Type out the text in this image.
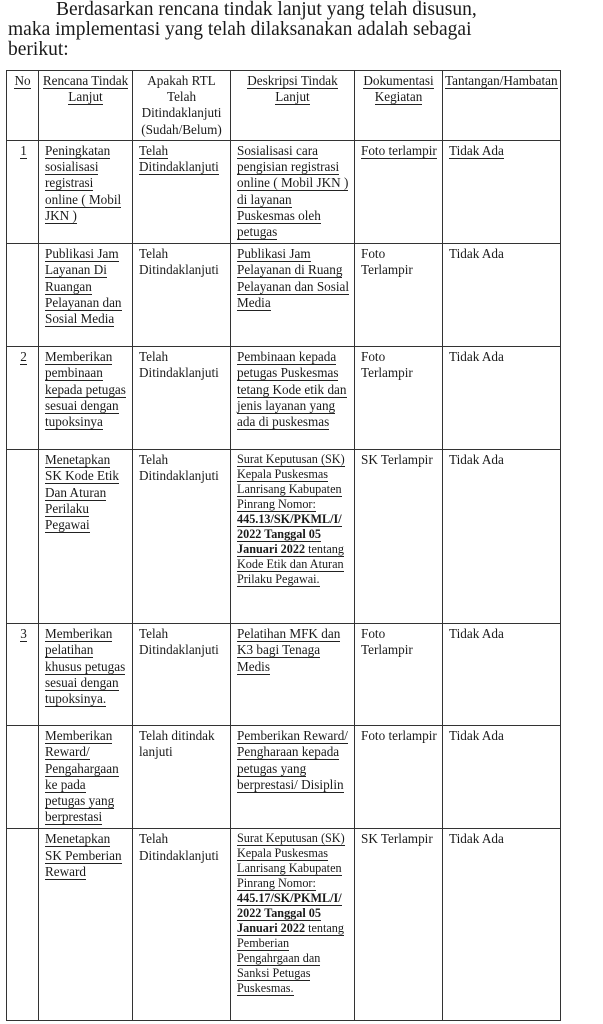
Berdasarkan rencana tindak lanjut yang telah disusun,
maka implementasi yang telah dilaksanakan adalah sebagai
berikut:
No	Rencana Tindak Lanjut	Apakah RTL Telah Ditindaklanjuti (Sudah/Belum)	Deskripsi Tindak Lanjut	Dokumentasi Kegiatan	Tantangan/Hambatan
1	Peningkatan sosialisasi registrasi online ( Mobil JKN )	Telah Ditindaklanjuti	Sosialisasi cara pengisian registrasi online ( Mobil JKN ) di layanan Puskesmas oleh petugas	Foto terlampir	Tidak Ada
	Publikasi Jam Layanan Di Ruangan Pelayanan dan Sosial Media	Telah Ditindaklanjuti	Publikasi Jam Pelayanan di Ruang Pelayanan dan Sosial Media	Foto Terlampir	Tidak Ada
2	Memberikan pembinaan kepada petugas sesuai dengan tupoksinya	Telah Ditindaklanjuti	Pembinaan kepada petugas Puskesmas tetang Kode etik dan jenis layanan yang ada di puskesmas	Foto Terlampir	Tidak Ada
	Menetapkan SK Kode Etik Dan Aturan Perilaku Pegawai	Telah Ditindaklanjuti	Surat Keputusan (SK) Kepala Puskesmas Lanrisang Kabupaten Pinrang Nomor: 445.13/SK/PKML/I/ 2022 Tanggal 05 Januari 2022 tentang Kode Etik dan Aturan Prilaku Pegawai.	SK Terlampir	Tidak Ada
3	Memberikan pelatihan khusus petugas sesuai dengan tupoksinya.	Telah Ditindaklanjuti	Pelatihan MFK dan K3 bagi Tenaga Medis	Foto Terlampir	Tidak Ada
	Memberikan Reward/ Pengahargaan ke pada petugas yang berprestasi	Telah ditindak lanjuti	Pemberikan Reward/ Pengharaan kepada petugas yang berprestasi/ Disiplin	Foto terlampir	Tidak Ada
	Menetapkan SK Pemberian Reward	Telah Ditindaklanjuti	Surat Keputusan (SK) Kepala Puskesmas Lanrisang Kabupaten Pinrang Nomor: 445.17/SK/PKML/I/ 2022 Tanggal 05 Januari 2022 tentang Pemberian Pengahrgaan dan Sanksi Petugas Puskesmas.	SK Terlampir	Tidak Ada
